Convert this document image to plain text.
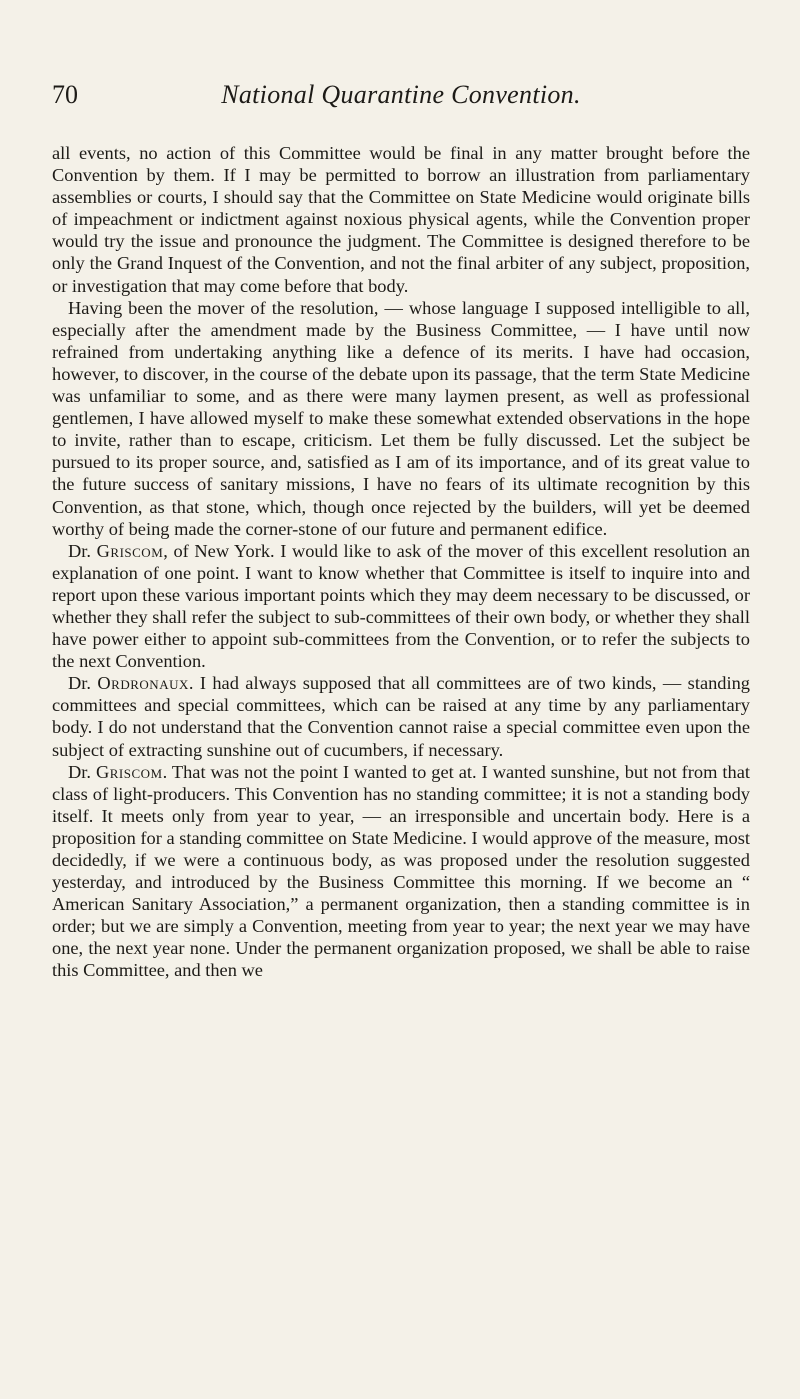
70	National Quarantine Convention.

all events, no action of this Committee would be final in any matter brought before the Convention by them. If I may be permitted to borrow an illustration from parliamentary assemblies or courts, I should say that the Committee on State Medicine would originate bills of impeachment or indictment against noxious physical agents, while the Convention proper would try the issue and pronounce the judgment. The Committee is designed therefore to be only the Grand Inquest of the Convention, and not the final arbiter of any subject, proposition, or investigation that may come before that body.

Having been the mover of the resolution, — whose language I supposed intelligible to all, especially after the amendment made by the Business Committee, — I have until now refrained from undertaking anything like a defence of its merits. I have had occasion, however, to discover, in the course of the debate upon its passage, that the term State Medicine was unfamiliar to some, and as there were many laymen present, as well as professional gentlemen, I have allowed myself to make these somewhat extended observations in the hope to invite, rather than to escape, criticism. Let them be fully discussed. Let the subject be pursued to its proper source, and, satisfied as I am of its importance, and of its great value to the future success of sanitary missions, I have no fears of its ultimate recognition by this Convention, as that stone, which, though once rejected by the builders, will yet be deemed worthy of being made the corner-stone of our future and permanent edifice.

Dr. Griscom, of New York. I would like to ask of the mover of this excellent resolution an explanation of one point. I want to know whether that Committee is itself to inquire into and report upon these various important points which they may deem necessary to be discussed, or whether they shall refer the subject to sub-committees of their own body, or whether they shall have power either to appoint sub-committees from the Convention, or to refer the subjects to the next Convention.

Dr. Ordronaux. I had always supposed that all committees are of two kinds, — standing committees and special committees, which can be raised at any time by any parliamentary body. I do not understand that the Convention cannot raise a special committee even upon the subject of extracting sunshine out of cucumbers, if necessary.

Dr. Griscom. That was not the point I wanted to get at. I wanted sunshine, but not from that class of light-producers. This Convention has no standing committee; it is not a standing body itself. It meets only from year to year, — an irresponsible and uncertain body. Here is a proposition for a standing committee on State Medicine. I would approve of the measure, most decidedly, if we were a continuous body, as was proposed under the resolution suggested yesterday, and introduced by the Business Committee this morning. If we become an “ American Sanitary Association,” a permanent organization, then a standing committee is in order; but we are simply a Convention, meeting from year to year; the next year we may have one, the next year none. Under the permanent organization proposed, we shall be able to raise this Committee, and then we
